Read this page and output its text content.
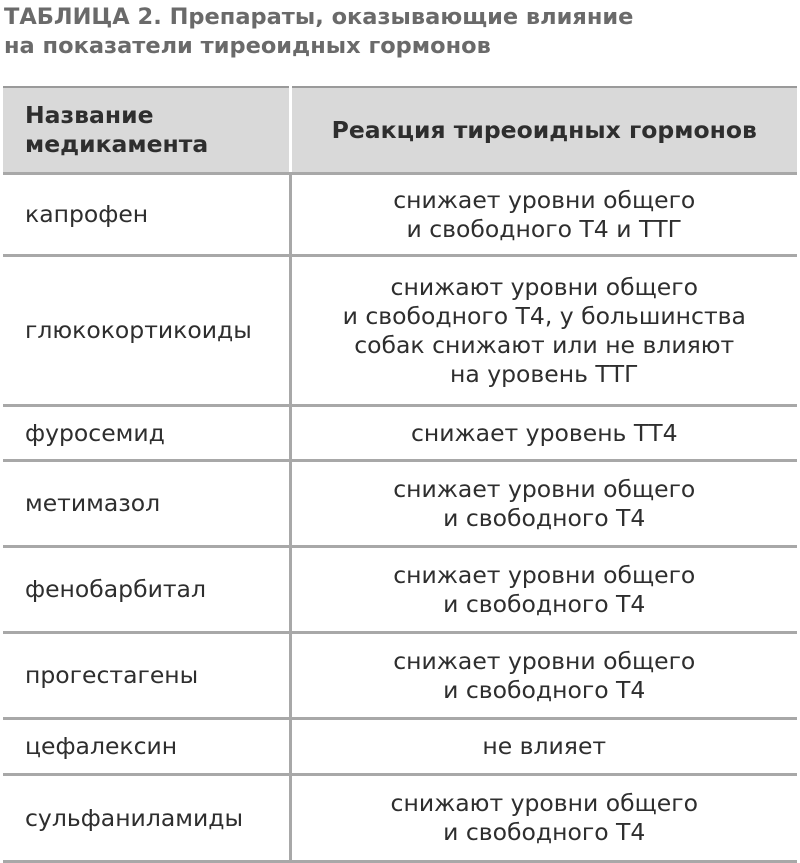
ТАБЛИЦА 2. Препараты, оказывающие влияние
на показатели тиреоидных гормонов
Название
медикамента	Реакция тиреоидных гормонов
капрофен	снижает уровни общего
и свободного Т4 и ТТГ

глюкокортикоиды	снижают уровни общего
и свободного Т4, у большинства
собак снижают или не влияют
на уровень ТТГ

фуросемид	снижает уровень ТТ4

метимазол	снижает уровни общего
и свободного Т4

фенобарбитал	снижает уровни общего
и свободного Т4

прогестагены	снижает уровни общего
и свободного Т4

цефалексин	не влияет

сульфаниламиды	снижают уровни общего
и свободного Т4
